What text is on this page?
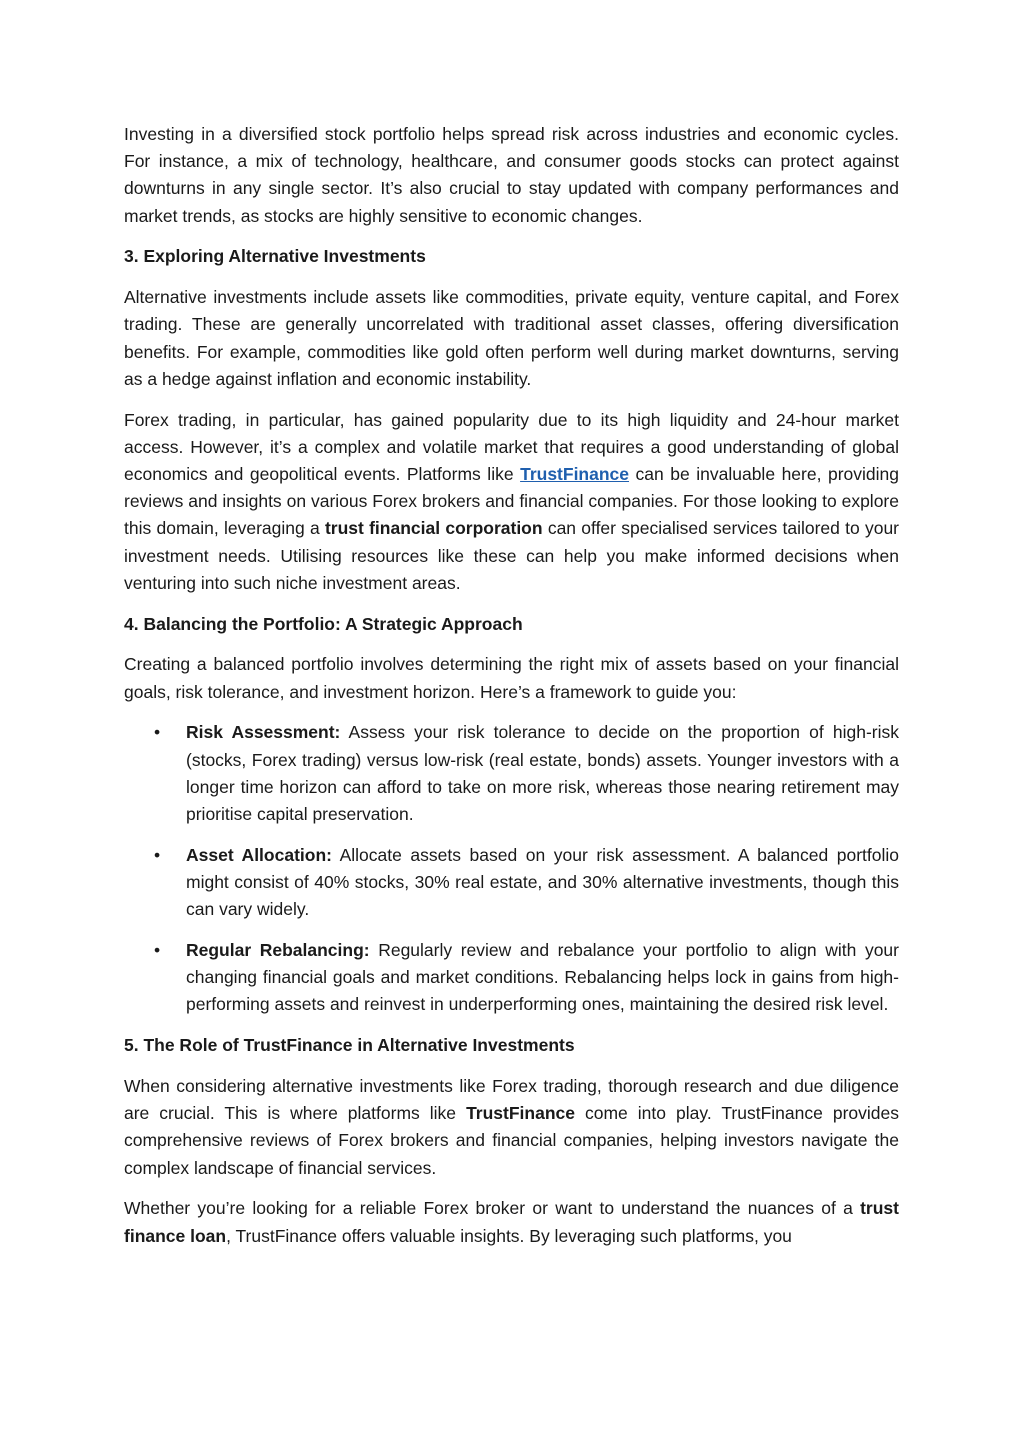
Investing in a diversified stock portfolio helps spread risk across industries and economic cycles. For instance, a mix of technology, healthcare, and consumer goods stocks can protect against downturns in any single sector. It’s also crucial to stay updated with company performances and market trends, as stocks are highly sensitive to economic changes.

3. Exploring Alternative Investments

Alternative investments include assets like commodities, private equity, venture capital, and Forex trading. These are generally uncorrelated with traditional asset classes, offering diversification benefits. For example, commodities like gold often perform well during market downturns, serving as a hedge against inflation and economic instability.

Forex trading, in particular, has gained popularity due to its high liquidity and 24-hour market access. However, it’s a complex and volatile market that requires a good understanding of global economics and geopolitical events. Platforms like TrustFinance can be invaluable here, providing reviews and insights on various Forex brokers and financial companies. For those looking to explore this domain, leveraging a trust financial corporation can offer specialised services tailored to your investment needs. Utilising resources like these can help you make informed decisions when venturing into such niche investment areas.

4. Balancing the Portfolio: A Strategic Approach

Creating a balanced portfolio involves determining the right mix of assets based on your financial goals, risk tolerance, and investment horizon. Here’s a framework to guide you:

• Risk Assessment: Assess your risk tolerance to decide on the proportion of high-risk (stocks, Forex trading) versus low-risk (real estate, bonds) assets. Younger investors with a longer time horizon can afford to take on more risk, whereas those nearing retirement may prioritise capital preservation.
• Asset Allocation: Allocate assets based on your risk assessment. A balanced portfolio might consist of 40% stocks, 30% real estate, and 30% alternative investments, though this can vary widely.
• Regular Rebalancing: Regularly review and rebalance your portfolio to align with your changing financial goals and market conditions. Rebalancing helps lock in gains from high-performing assets and reinvest in underperforming ones, maintaining the desired risk level.
5. The Role of TrustFinance in Alternative Investments

When considering alternative investments like Forex trading, thorough research and due diligence are crucial. This is where platforms like TrustFinance come into play. TrustFinance provides comprehensive reviews of Forex brokers and financial companies, helping investors navigate the complex landscape of financial services.

Whether you’re looking for a reliable Forex broker or want to understand the nuances of a trust finance loan, TrustFinance offers valuable insights. By leveraging such platforms, you
